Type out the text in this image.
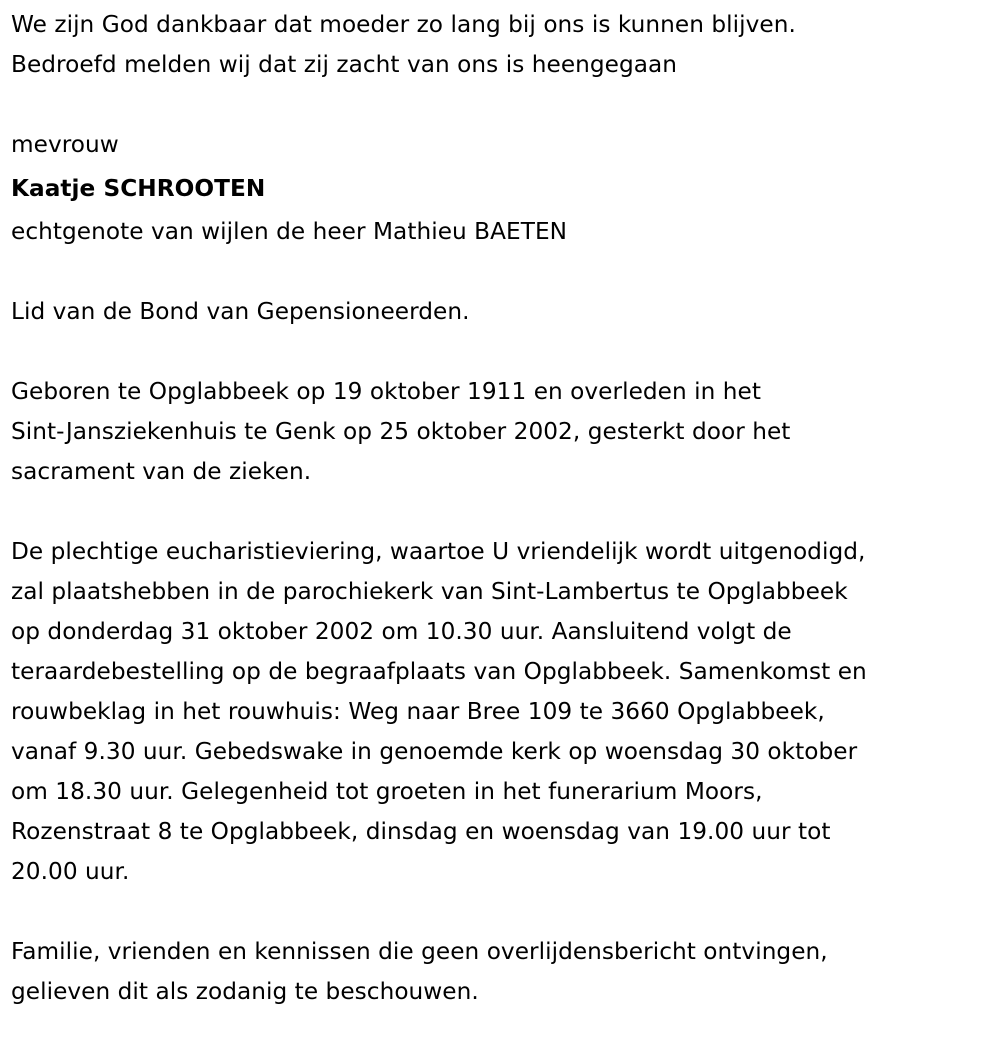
We zijn God dankbaar dat moeder zo lang bij ons is kunnen blijven.
Bedroefd melden wij dat zij zacht van ons is heengegaan
mevrouw
Kaatje SCHROOTEN
echtgenote van wijlen de heer Mathieu BAETEN
Lid van de Bond van Gepensioneerden.
Geboren te Opglabbeek op 19 oktober 1911 en overleden in het
Sint-Jansziekenhuis te Genk op 25 oktober 2002, gesterkt door het
sacrament van de zieken.
De plechtige eucharistieviering, waartoe U vriendelijk wordt uitgenodigd,
zal plaatshebben in de parochiekerk van Sint-Lambertus te Opglabbeek
op donderdag 31 oktober 2002 om 10.30 uur. Aansluitend volgt de
teraardebestelling op de begraafplaats van Opglabbeek. Samenkomst en
rouwbeklag in het rouwhuis: Weg naar Bree 109 te 3660 Opglabbeek,
vanaf 9.30 uur. Gebedswake in genoemde kerk op woensdag 30 oktober
om 18.30 uur. Gelegenheid tot groeten in het funerarium Moors,
Rozenstraat 8 te Opglabbeek, dinsdag en woensdag van 19.00 uur tot
20.00 uur.
Familie, vrienden en kennissen die geen overlijdensbericht ontvingen,
gelieven dit als zodanig te beschouwen.
